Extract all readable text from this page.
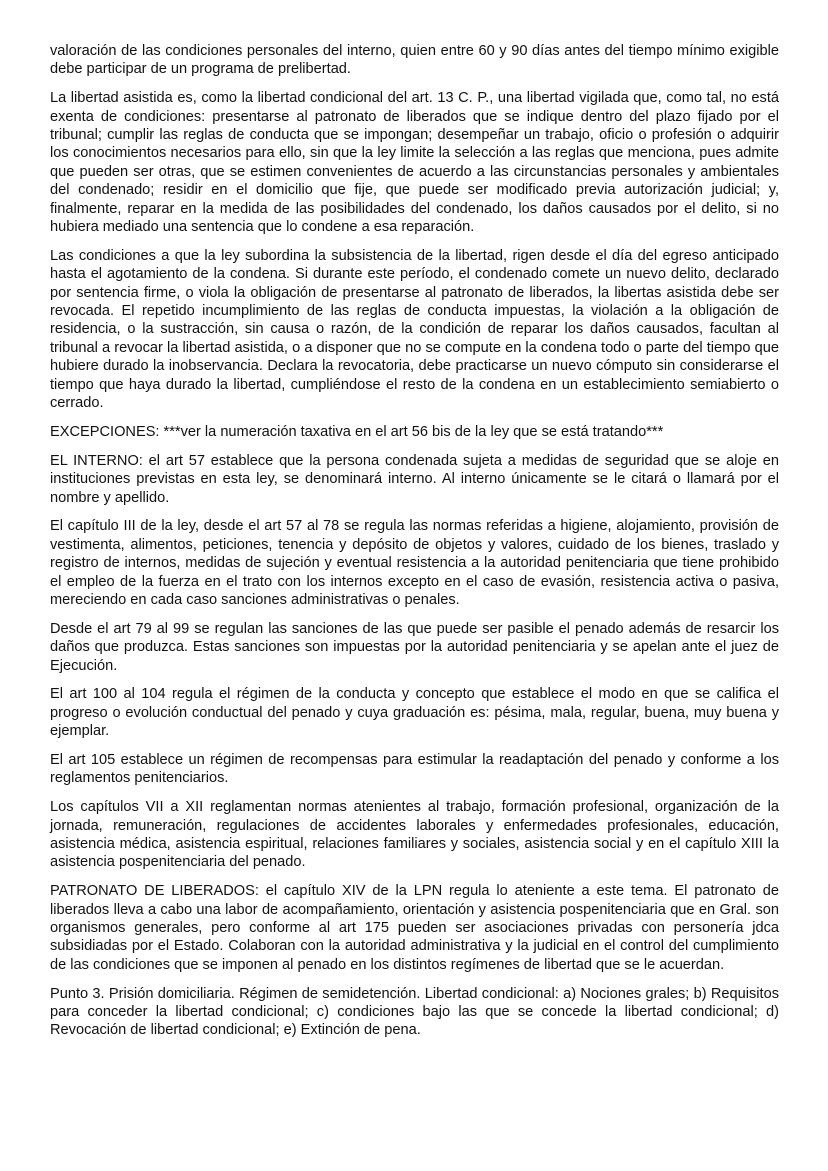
valoración de las condiciones personales del interno, quien entre 60 y 90 días antes del tiempo mínimo exigible debe participar de un programa de prelibertad.

La libertad asistida es, como la libertad condicional del art. 13 C. P., una libertad vigilada que, como tal, no está exenta de condiciones: presentarse al patronato de liberados que se indique dentro del plazo fijado por el tribunal; cumplir las reglas de conducta que se impongan; desempeñar un trabajo, oficio o profesión o adquirir los conocimientos necesarios para ello, sin que la ley limite la selección a las reglas que menciona, pues admite que pueden ser otras, que se estimen convenientes de acuerdo a las circunstancias personales y ambientales del condenado; residir en el domicilio que fije, que puede ser modificado previa autorización judicial; y, finalmente, reparar en la medida de las posibilidades del condenado, los daños causados por el delito, si no hubiera mediado una sentencia que lo condene a esa reparación.

Las condiciones a que la ley subordina la subsistencia de la libertad, rigen desde el día del egreso anticipado hasta el agotamiento de la condena. Si durante este período, el condenado comete un nuevo delito, declarado por sentencia firme, o viola la obligación de presentarse al patronato de liberados, la libertas asistida debe ser revocada. El repetido incumplimiento de las reglas de conducta impuestas, la violación a la obligación de residencia, o la sustracción, sin causa o razón, de la condición de reparar los daños causados, facultan al tribunal a revocar la libertad asistida, o a disponer que no se compute en la condena todo o parte del tiempo que hubiere durado la inobservancia. Declara la revocatoria, debe practicarse un nuevo cómputo sin considerarse el tiempo que haya durado la libertad, cumpliéndose el resto de la condena en un establecimiento semiabierto o cerrado.

EXCEPCIONES: ***ver la numeración taxativa en el art 56 bis de la ley que se está tratando***

EL INTERNO: el art 57 establece que la persona condenada sujeta a medidas de seguridad que se aloje en instituciones previstas en esta ley, se denominará interno. Al interno únicamente se le citará o llamará por el nombre y apellido.

El capítulo III de la ley, desde el art 57 al 78 se regula las normas referidas a higiene, alojamiento, provisión de vestimenta, alimentos, peticiones, tenencia y depósito de objetos y valores, cuidado de los bienes, traslado y registro de internos, medidas de sujeción y eventual resistencia a la autoridad penitenciaria que tiene prohibido el empleo de la fuerza en el trato con los internos excepto en el caso de evasión, resistencia activa o pasiva, mereciendo en cada caso sanciones administrativas o penales.

Desde el art 79 al 99 se regulan las sanciones de las que puede ser pasible el penado además de resarcir los daños que produzca. Estas sanciones son impuestas por la autoridad penitenciaria y se apelan ante el juez de Ejecución.

El art 100 al 104 regula el régimen de la conducta y concepto que establece el modo en que se califica el progreso o evolución conductual del penado y cuya graduación es: pésima, mala, regular, buena, muy buena y ejemplar.

El art 105 establece un régimen de recompensas para estimular la readaptación del penado y conforme a los reglamentos penitenciarios.

Los capítulos VII a XII reglamentan normas atenientes al trabajo, formación profesional, organización de la jornada, remuneración, regulaciones de accidentes laborales y enfermedades profesionales, educación, asistencia médica, asistencia espiritual, relaciones familiares y sociales, asistencia social y en el capítulo XIII la asistencia pospenitenciaria del penado.

PATRONATO DE LIBERADOS: el capítulo XIV de la LPN regula lo ateniente a este tema. El patronato de liberados lleva a cabo una labor de acompañamiento, orientación y asistencia pospenitenciaria que en Gral. son organismos generales, pero conforme al art 175 pueden ser asociaciones privadas con personería jdca subsidiadas por el Estado. Colaboran con la autoridad administrativa y la judicial en el control del cumplimiento de las condiciones que se imponen al penado en los distintos regímenes de libertad que se le acuerdan.

Punto 3. Prisión domiciliaria. Régimen de semidetención. Libertad condicional: a) Nociones grales; b) Requisitos para conceder la libertad condicional; c) condiciones bajo las que se concede la libertad condicional; d) Revocación de libertad condicional; e) Extinción de pena.
